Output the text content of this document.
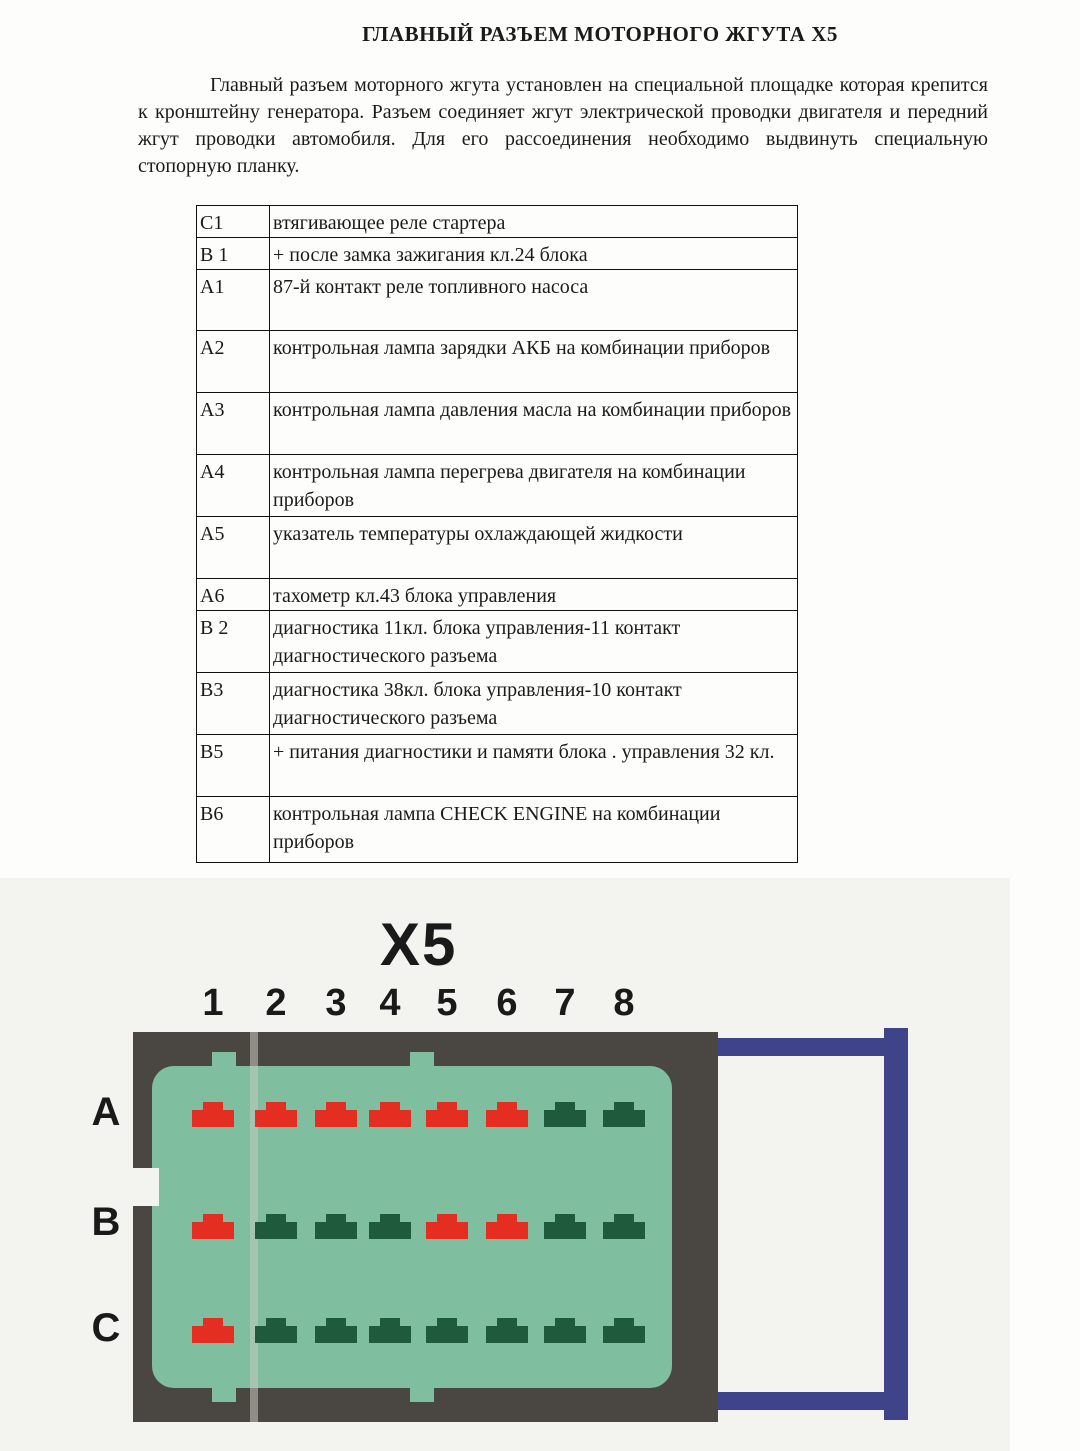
ГЛАВНЫЙ РАЗЪЕМ МОТОРНОГО ЖГУТА Х5

Главный разъем моторного жгута установлен на специальной площадке которая крепится к кронштейну генератора. Разъем соединяет жгут электрической проводки двигателя и передний жгут проводки автомобиля. Для его рассоединения необходимо выдвинуть специальную стопорную планку.

С1	втягивающее реле стартера
В 1	+ после замка зажигания кл.24 блока
А1	87-й контакт реле топливного насоса
А2	контрольная лампа зарядки АКБ на комбинации приборов
А3	контрольная лампа давления масла на комбинации приборов
А4	контрольная лампа перегрева двигателя на комбинации приборов
А5	указатель температуры охлаждающей жидкости
А6	тахометр кл.43 блока управления
В 2	диагностика 11кл. блока управления-11 контакт диагностического разъема
В3	диагностика 38кл. блока управления-10 контакт диагностического разъема
В5	+ питания диагностики и памяти блока . управления 32 кл.
В6	контрольная лампа CHECK ENGINE на комбинации приборов
X5
1 2 3 4 5 6 7 8
A
B
C
